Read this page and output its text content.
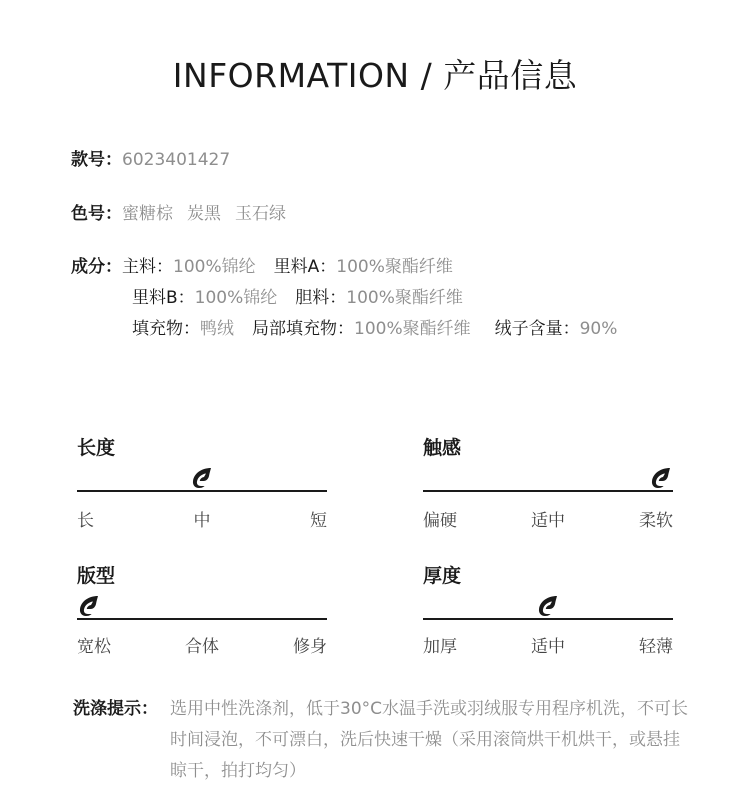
INFORMATION / 产品信息
款号：6023401427
色号：蜜糖棕 炭黑 玉石绿
成分：主料：100%锦纶 里料A：100%聚酯纤维
里料B：100%锦纶 胆料：100%聚酯纤维
填充物：鸭绒 局部填充物：100%聚酯纤维 绒子含量：90%
长度
长	中	短
触感
偏硬	适中	柔软
版型
宽松	合体	修身
厚度
加厚	适中	轻薄
洗涤提示： 选用中性洗涤剂，低于30°C水温手洗或羽绒服专用程序机洗，不可长时间浸泡，不可漂白，洗后快速干燥（采用滚筒烘干机烘干，或悬挂晾干，拍打均匀）
